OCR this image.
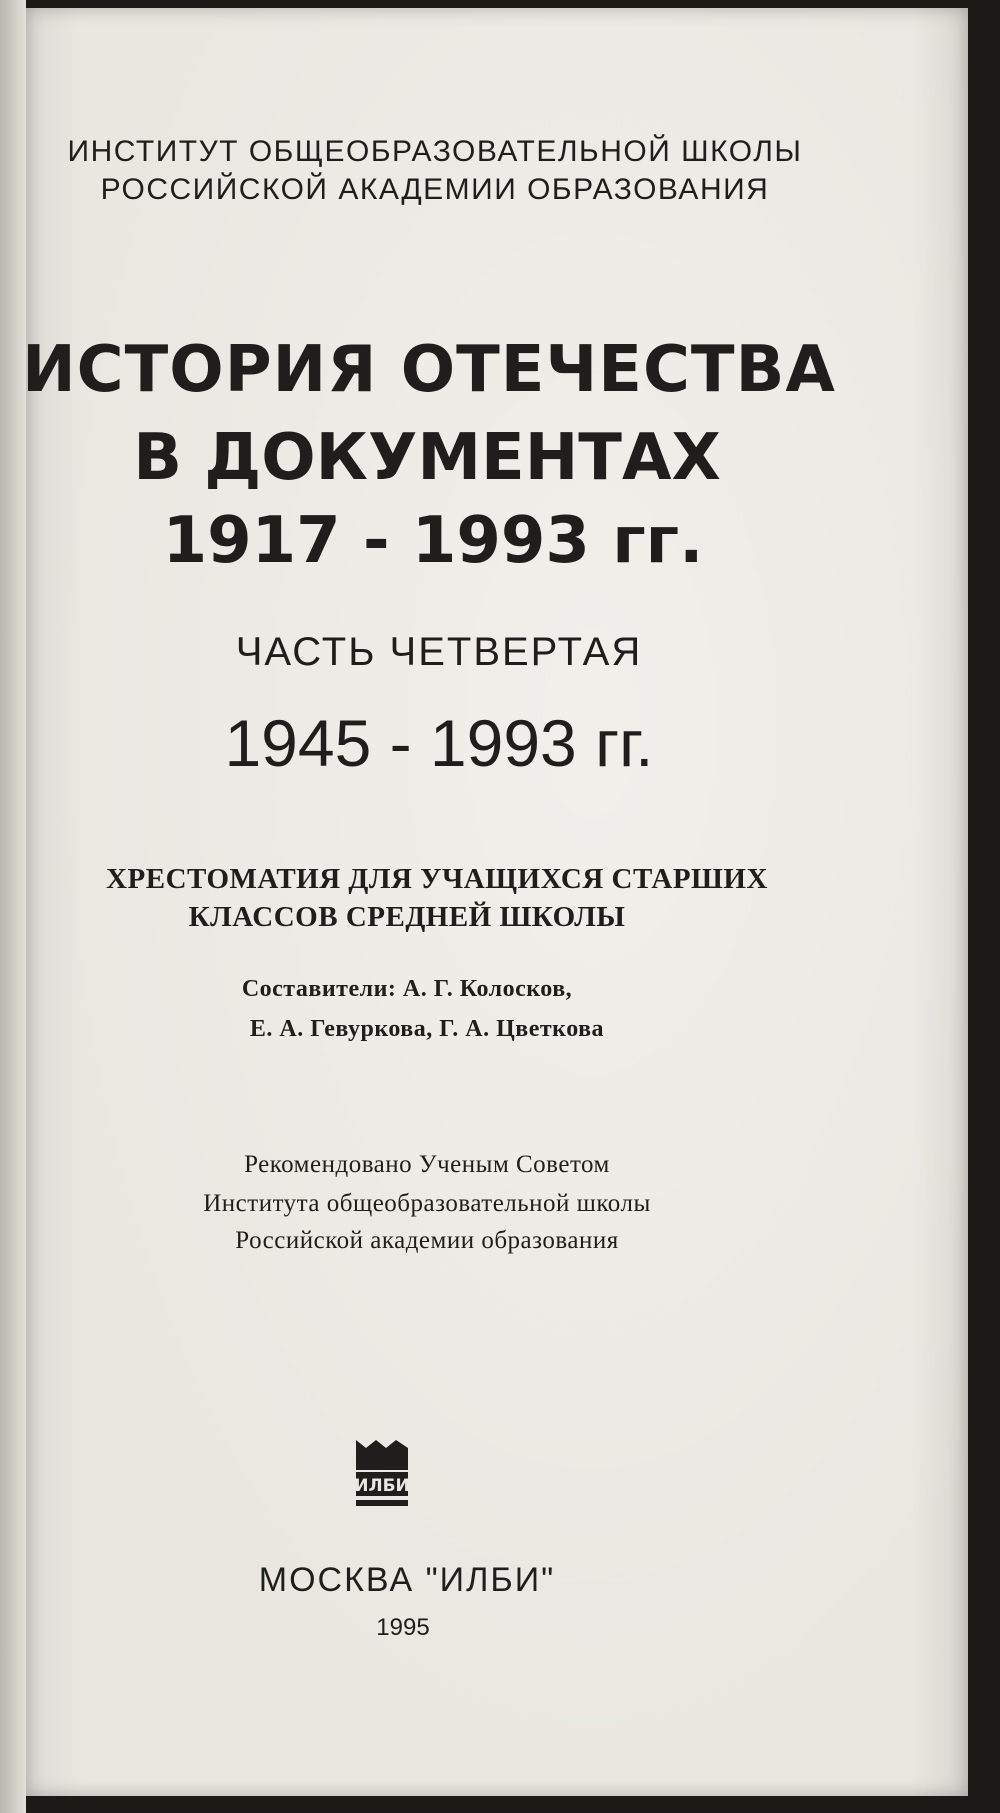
ИНСТИТУТ ОБЩЕОБРАЗОВАТЕЛЬНОЙ ШКОЛЫ
РОССИЙСКОЙ АКАДЕМИИ ОБРАЗОВАНИЯ
ИСТОРИЯ ОТЕЧЕСТВА
В ДОКУМЕНТАХ
1917 - 1993 гг.
ЧАСТЬ ЧЕТВЕРТАЯ
1945 - 1993 гг.
ХРЕСТОМАТИЯ ДЛЯ УЧАЩИХСЯ СТАРШИХ
КЛАССОВ СРЕДНЕЙ ШКОЛЫ
Составители: А. Г. Колосков,
Е. А. Гевуркова, Г. А. Цветкова
Рекомендовано Ученым Советом
Института общеобразовательной школы
Российской академии образования
ИЛБИ
МОСКВА "ИЛБИ"
1995
